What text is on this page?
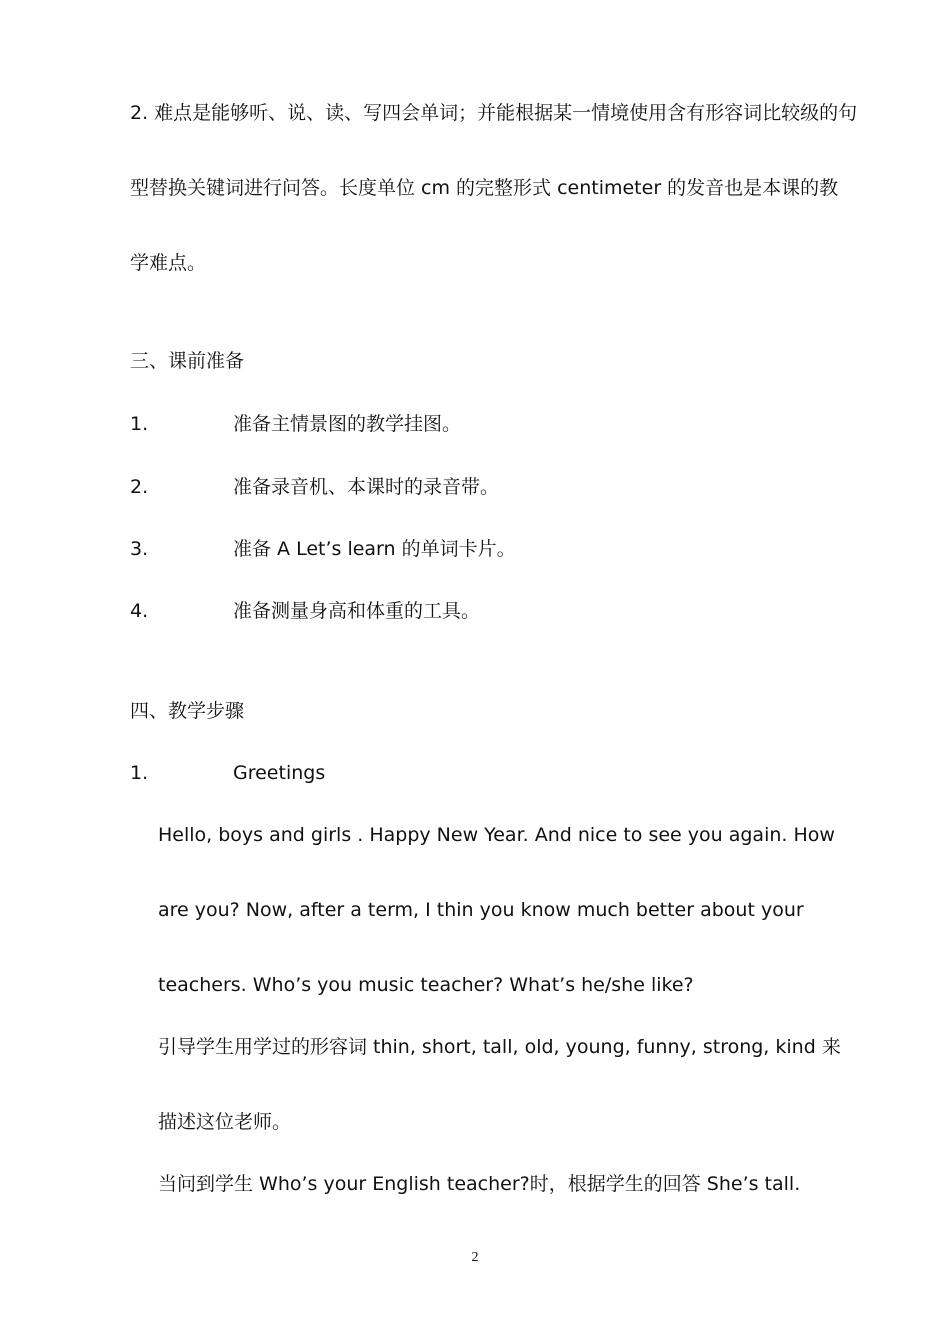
2. 难点是能够听、说、读、写四会单词；并能根据某一情境使用含有形容词比较级的句
型替换关键词进行问答。长度单位 cm 的完整形式 centimeter 的发音也是本课的教
学难点。
三、课前准备
1.	准备主情景图的教学挂图。
2.	准备录音机、本课时的录音带。
3.	准备 A Let’s learn 的单词卡片。
4.	准备测量身高和体重的工具。
四、教学步骤
1.	Greetings
Hello, boys and girls . Happy New Year. And nice to see you again. How
are you? Now, after a term, I thin you know much better about your
teachers. Who’s you music teacher? What’s he/she like?
引导学生用学过的形容词 thin, short, tall, old, young, funny, strong, kind 来
描述这位老师。
当问到学生 Who’s your English teacher?时，根据学生的回答 She’s tall.
2
